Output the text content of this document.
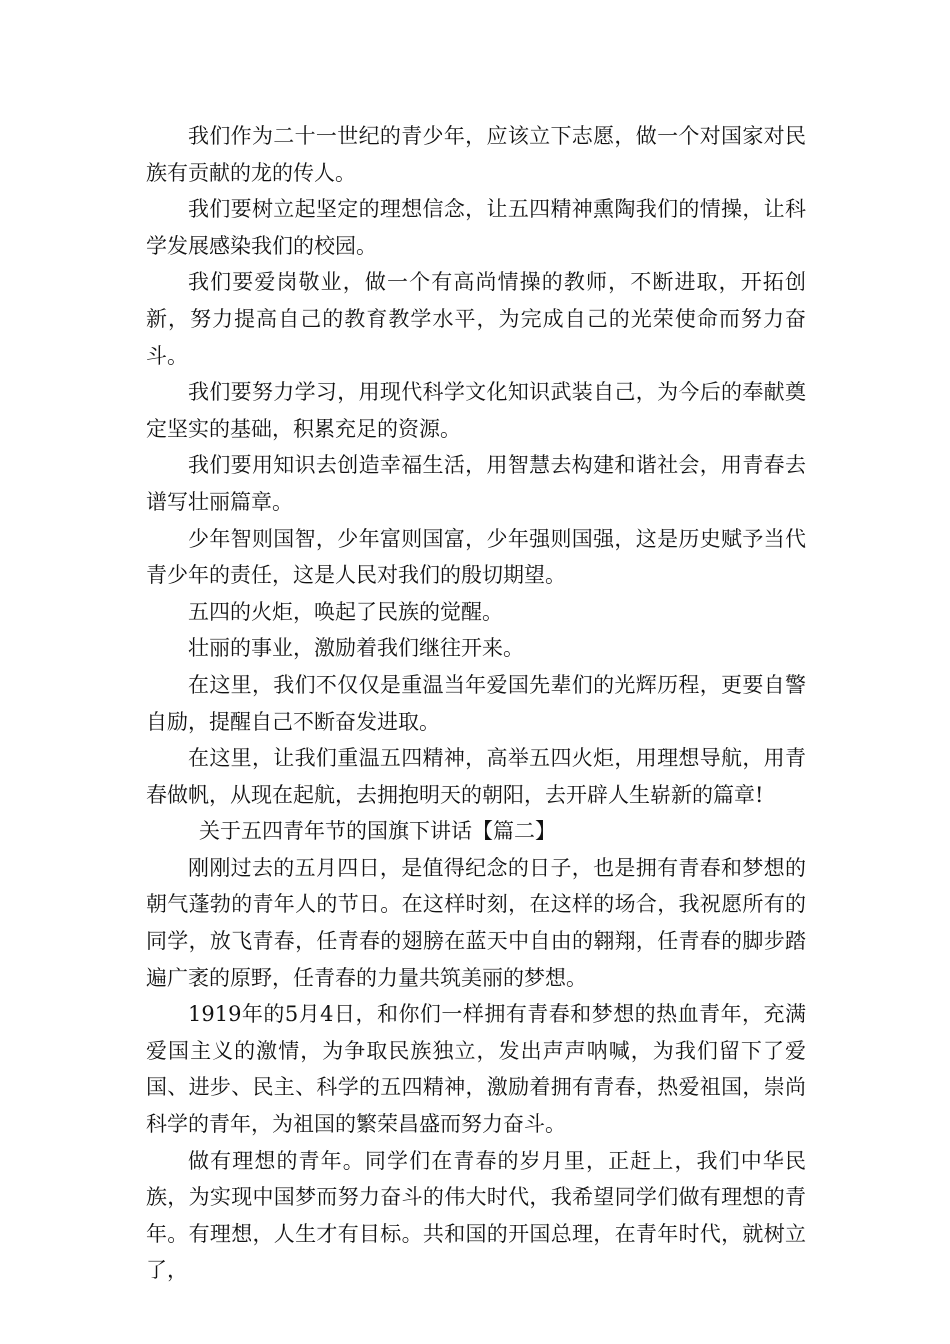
我们作为二十一世纪的青少年，应该立下志愿，做一个对国家对民族有贡献的龙的传人。

我们要树立起坚定的理想信念，让五四精神熏陶我们的情操，让科学发展感染我们的校园。

我们要爱岗敬业，做一个有高尚情操的教师，不断进取，开拓创新，努力提高自己的教育教学水平，为完成自己的光荣使命而努力奋斗。

我们要努力学习，用现代科学文化知识武装自己，为今后的奉献奠定坚实的基础，积累充足的资源。

我们要用知识去创造幸福生活，用智慧去构建和谐社会，用青春去谱写壮丽篇章。

少年智则国智，少年富则国富，少年强则国强，这是历史赋予当代青少年的责任，这是人民对我们的殷切期望。

五四的火炬，唤起了民族的觉醒。

壮丽的事业，激励着我们继往开来。

在这里，我们不仅仅是重温当年爱国先辈们的光辉历程，更要自警自励，提醒自己不断奋发进取。

在这里，让我们重温五四精神，高举五四火炬，用理想导航，用青春做帆，从现在起航，去拥抱明天的朝阳，去开辟人生崭新的篇章!

关于五四青年节的国旗下讲话【篇二】

刚刚过去的五月四日，是值得纪念的日子，也是拥有青春和梦想的朝气蓬勃的青年人的节日。在这样时刻，在这样的场合，我祝愿所有的同学，放飞青春，任青春的翅膀在蓝天中自由的翱翔，任青春的脚步踏遍广袤的原野，任青春的力量共筑美丽的梦想。

1919年的5月4日，和你们一样拥有青春和梦想的热血青年，充满爱国主义的激情，为争取民族独立，发出声声呐喊，为我们留下了爱国、进步、民主、科学的五四精神，激励着拥有青春，热爱祖国，崇尚科学的青年，为祖国的繁荣昌盛而努力奋斗。

做有理想的青年。同学们在青春的岁月里，正赶上，我们中华民族，为实现中国梦而努力奋斗的伟大时代，我希望同学们做有理想的青年。有理想，人生才有目标。共和国的开国总理，在青年时代，就树立了，
